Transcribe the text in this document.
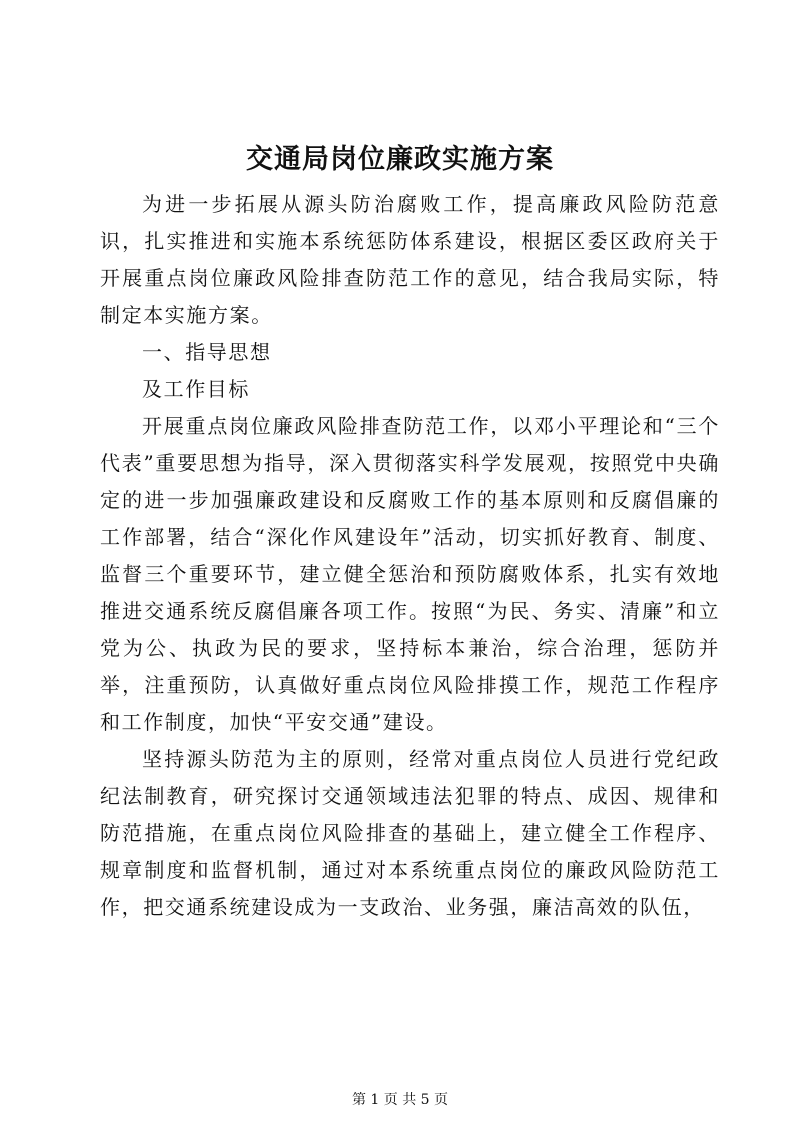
交通局岗位廉政实施方案

为进一步拓展从源头防治腐败工作，提高廉政风险防范意识，扎实推进和实施本系统惩防体系建设，根据区委区政府关于开展重点岗位廉政风险排查防范工作的意见，结合我局实际，特制定本实施方案。

一、指导思想

及工作目标

开展重点岗位廉政风险排查防范工作，以邓小平理论和“三个代表”重要思想为指导，深入贯彻落实科学发展观，按照党中央确定的进一步加强廉政建设和反腐败工作的基本原则和反腐倡廉的工作部署，结合“深化作风建设年”活动，切实抓好教育、制度、监督三个重要环节，建立健全惩治和预防腐败体系，扎实有效地推进交通系统反腐倡廉各项工作。按照“为民、务实、清廉”和立党为公、执政为民的要求，坚持标本兼治，综合治理，惩防并举，注重预防，认真做好重点岗位风险排摸工作，规范工作程序和工作制度，加快“平安交通”建设。

坚持源头防范为主的原则，经常对重点岗位人员进行党纪政纪法制教育，研究探讨交通领域违法犯罪的特点、成因、规律和防范措施，在重点岗位风险排查的基础上，建立健全工作程序、规章制度和监督机制，通过对本系统重点岗位的廉政风险防范工作，把交通系统建设成为一支政治、业务强，廉洁高效的队伍，

第 1 页 共 5 页
